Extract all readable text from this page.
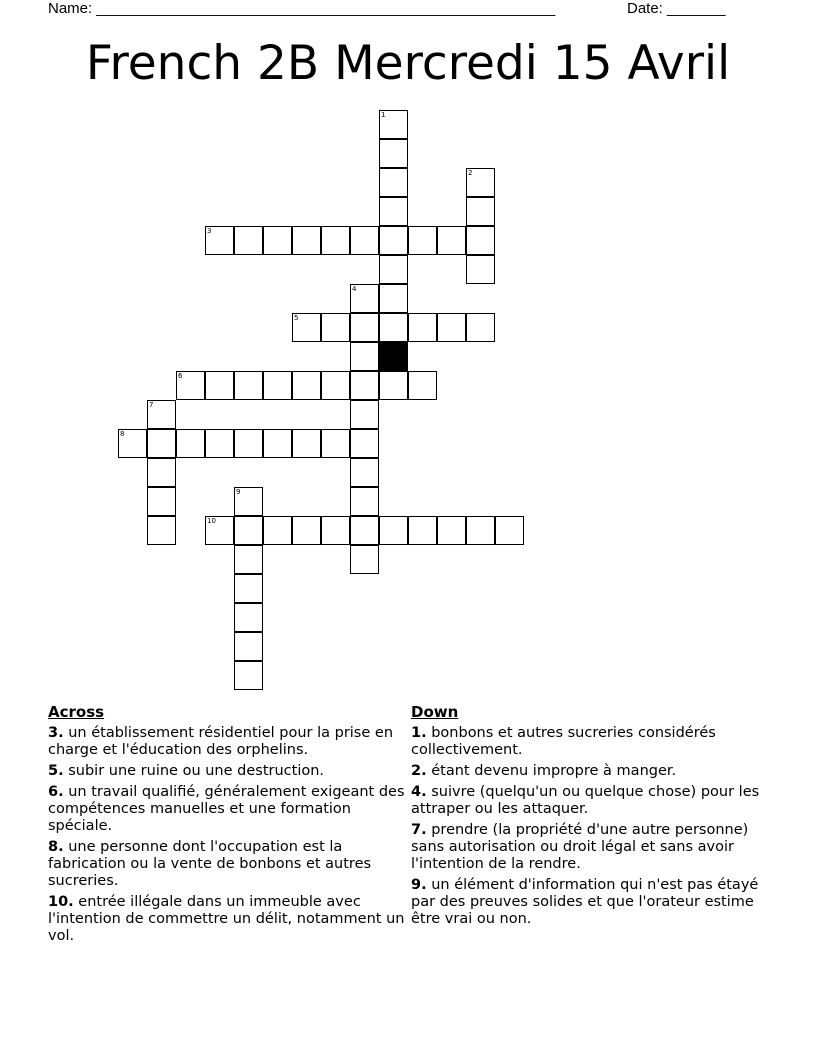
Name: _______________________________________________________	Date: _______
French 2B Mercredi 15 Avril
1
2
3
4
5
6
7
8
9
10
Across
3. un établissement résidentiel pour la prise en charge et l'éducation des orphelins.
5. subir une ruine ou une destruction.
6. un travail qualifié, généralement exigeant des compétences manuelles et une formation spéciale.
8. une personne dont l'occupation est la fabrication ou la vente de bonbons et autres sucreries.
10. entrée illégale dans un immeuble avec l'intention de commettre un délit, notamment un vol.
Down
1. bonbons et autres sucreries considérés collectivement.
2. étant devenu impropre à manger.
4. suivre (quelqu'un ou quelque chose) pour les attraper ou les attaquer.
7. prendre (la propriété d'une autre personne) sans autorisation ou droit légal et sans avoir l'intention de la rendre.
9. un élément d'information qui n'est pas étayé par des preuves solides et que l'orateur estime être vrai ou non.
